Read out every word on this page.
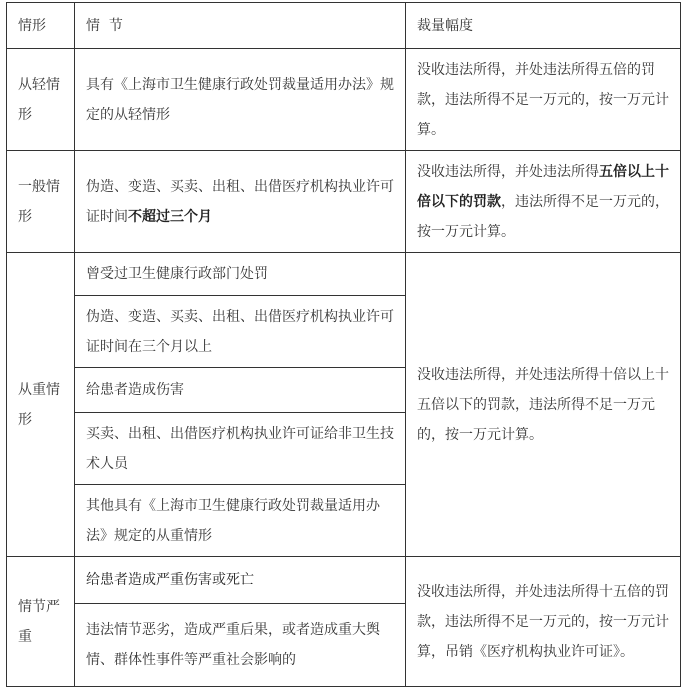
情形	情  节	裁量幅度
从轻情形	具有《上海市卫生健康行政处罚裁量适用办法》规定的从轻情形	没收违法所得，并处违法所得五倍的罚款，违法所得不足一万元的，按一万元计算。
一般情形	伪造、变造、买卖、出租、出借医疗机构执业许可证时间不超过三个月	没收违法所得，并处违法所得五倍以上十倍以下的罚款，违法所得不足一万元的，按一万元计算。
从重情形	曾受过卫生健康行政部门处罚	没收违法所得，并处违法所得十倍以上十五倍以下的罚款，违法所得不足一万元的，按一万元计算。
	伪造、变造、买卖、出租、出借医疗机构执业许可证时间在三个月以上	
	给患者造成伤害	
	买卖、出租、出借医疗机构执业许可证给非卫生技术人员	
	其他具有《上海市卫生健康行政处罚裁量适用办法》规定的从重情形	
情节严重	给患者造成严重伤害或死亡	没收违法所得，并处违法所得十五倍的罚款，违法所得不足一万元的，按一万元计算，吊销《医疗机构执业许可证》。
	违法情节恶劣，造成严重后果，或者造成重大舆情、群体性事件等严重社会影响的	
